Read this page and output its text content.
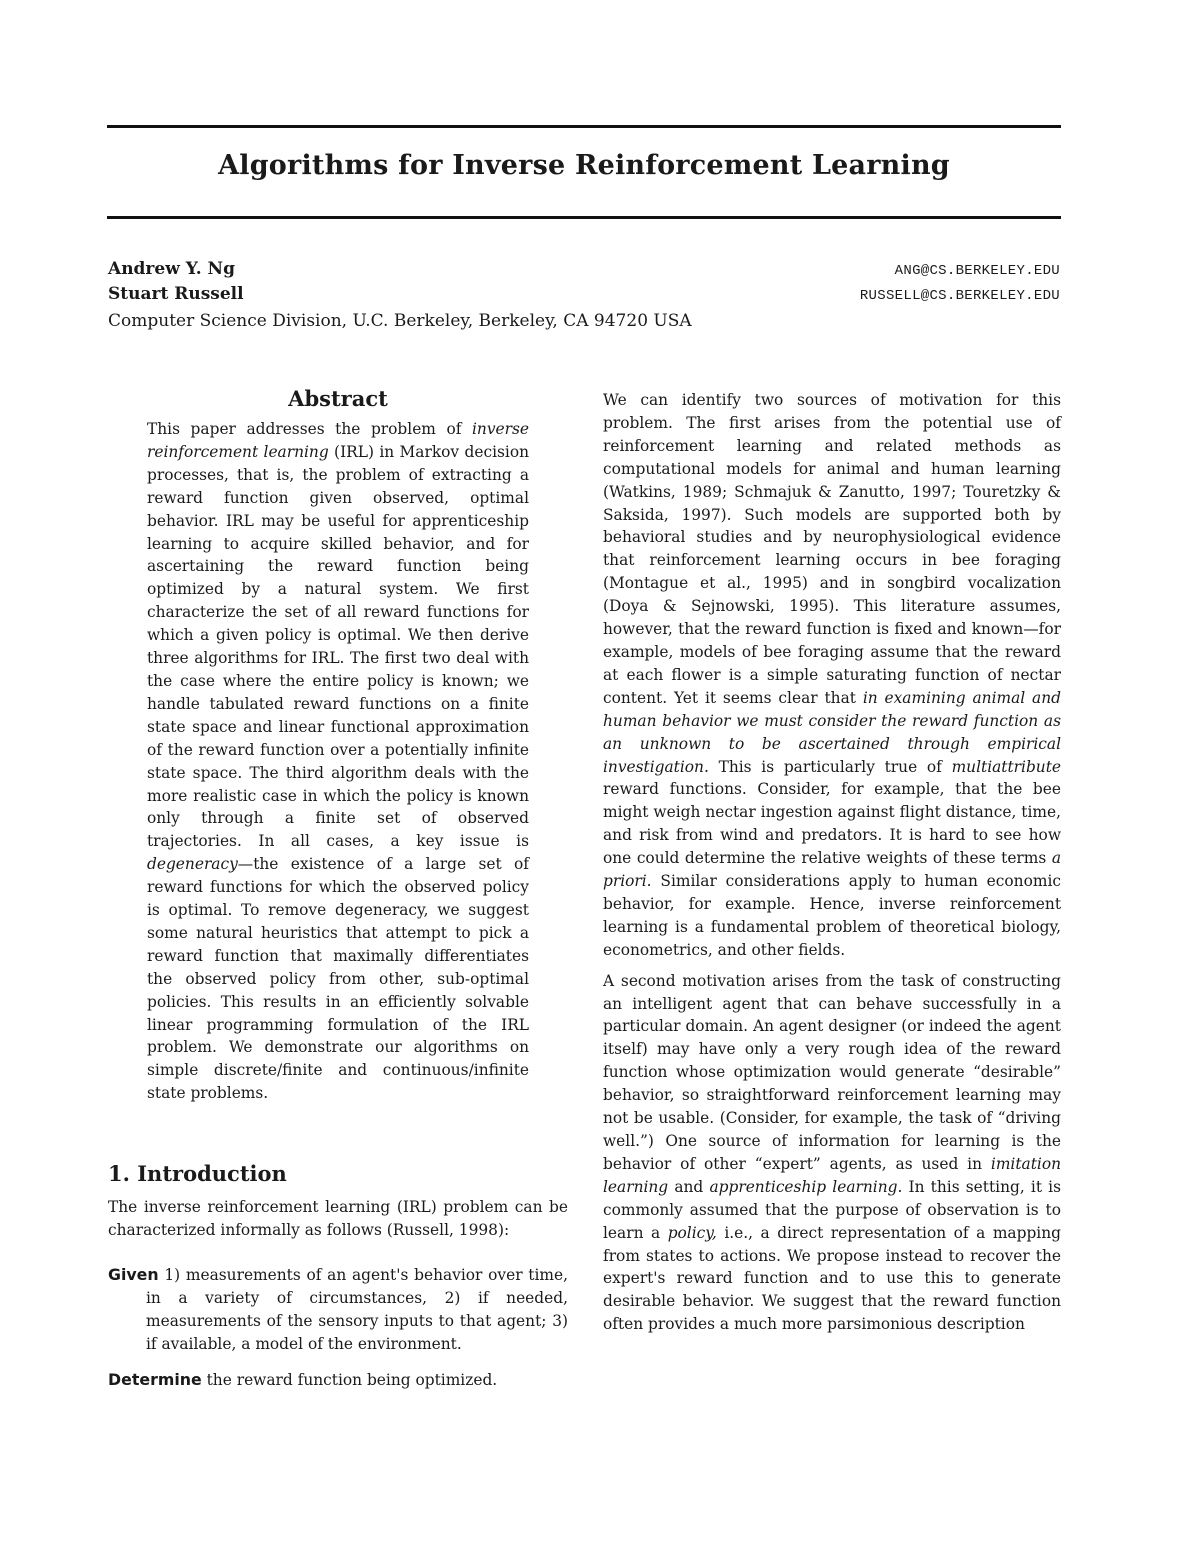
Algorithms for Inverse Reinforcement Learning
Andrew Y. Ng	ANG@CS.BERKELEY.EDU
Stuart Russell	RUSSELL@CS.BERKELEY.EDU
Computer Science Division, U.C. Berkeley, Berkeley, CA 94720 USA
Abstract

This paper addresses the problem of inverse reinforcement learning (IRL) in Markov decision processes, that is, the problem of extracting a reward function given observed, optimal behavior. IRL may be useful for apprenticeship learning to acquire skilled behavior, and for ascertaining the reward function being optimized by a natural system. We first characterize the set of all reward functions for which a given policy is optimal. We then derive three algorithms for IRL. The first two deal with the case where the entire policy is known; we handle tabulated reward functions on a finite state space and linear functional approximation of the reward function over a potentially infinite state space. The third algorithm deals with the more realistic case in which the policy is known only through a finite set of observed trajectories. In all cases, a key issue is degeneracy—the existence of a large set of reward functions for which the observed policy is optimal. To remove degeneracy, we suggest some natural heuristics that attempt to pick a reward function that maximally differentiates the observed policy from other, sub-optimal policies. This results in an efficiently solvable linear programming formulation of the IRL problem. We demonstrate our algorithms on simple discrete/finite and continuous/infinite state problems.

1. Introduction

The inverse reinforcement learning (IRL) problem can be characterized informally as follows (Russell, 1998):

Given 1) measurements of an agent's behavior over time, in a variety of circumstances, 2) if needed, measurements of the sensory inputs to that agent; 3) if available, a model of the environment.

Determine the reward function being optimized.

We can identify two sources of motivation for this problem. The first arises from the potential use of reinforcement learning and related methods as computational models for animal and human learning (Watkins, 1989; Schmajuk & Zanutto, 1997; Touretzky & Saksida, 1997). Such models are supported both by behavioral studies and by neurophysiological evidence that reinforcement learning occurs in bee foraging (Montague et al., 1995) and in songbird vocalization (Doya & Sejnowski, 1995). This literature assumes, however, that the reward function is fixed and known—for example, models of bee foraging assume that the reward at each flower is a simple saturating function of nectar content. Yet it seems clear that in examining animal and human behavior we must consider the reward function as an unknown to be ascertained through empirical investigation. This is particularly true of multiattribute reward functions. Consider, for example, that the bee might weigh nectar ingestion against flight distance, time, and risk from wind and predators. It is hard to see how one could determine the relative weights of these terms a priori. Similar considerations apply to human economic behavior, for example. Hence, inverse reinforcement learning is a fundamental problem of theoretical biology, econometrics, and other fields.

A second motivation arises from the task of constructing an intelligent agent that can behave successfully in a particular domain. An agent designer (or indeed the agent itself) may have only a very rough idea of the reward function whose optimization would generate “desirable” behavior, so straightforward reinforcement learning may not be usable. (Consider, for example, the task of “driving well.”) One source of information for learning is the behavior of other “expert” agents, as used in imitation learning and apprenticeship learning. In this setting, it is commonly assumed that the purpose of observation is to learn a policy, i.e., a direct representation of a mapping from states to actions. We propose instead to recover the expert's reward function and to use this to generate desirable behavior. We suggest that the reward function often provides a much more parsimonious description
